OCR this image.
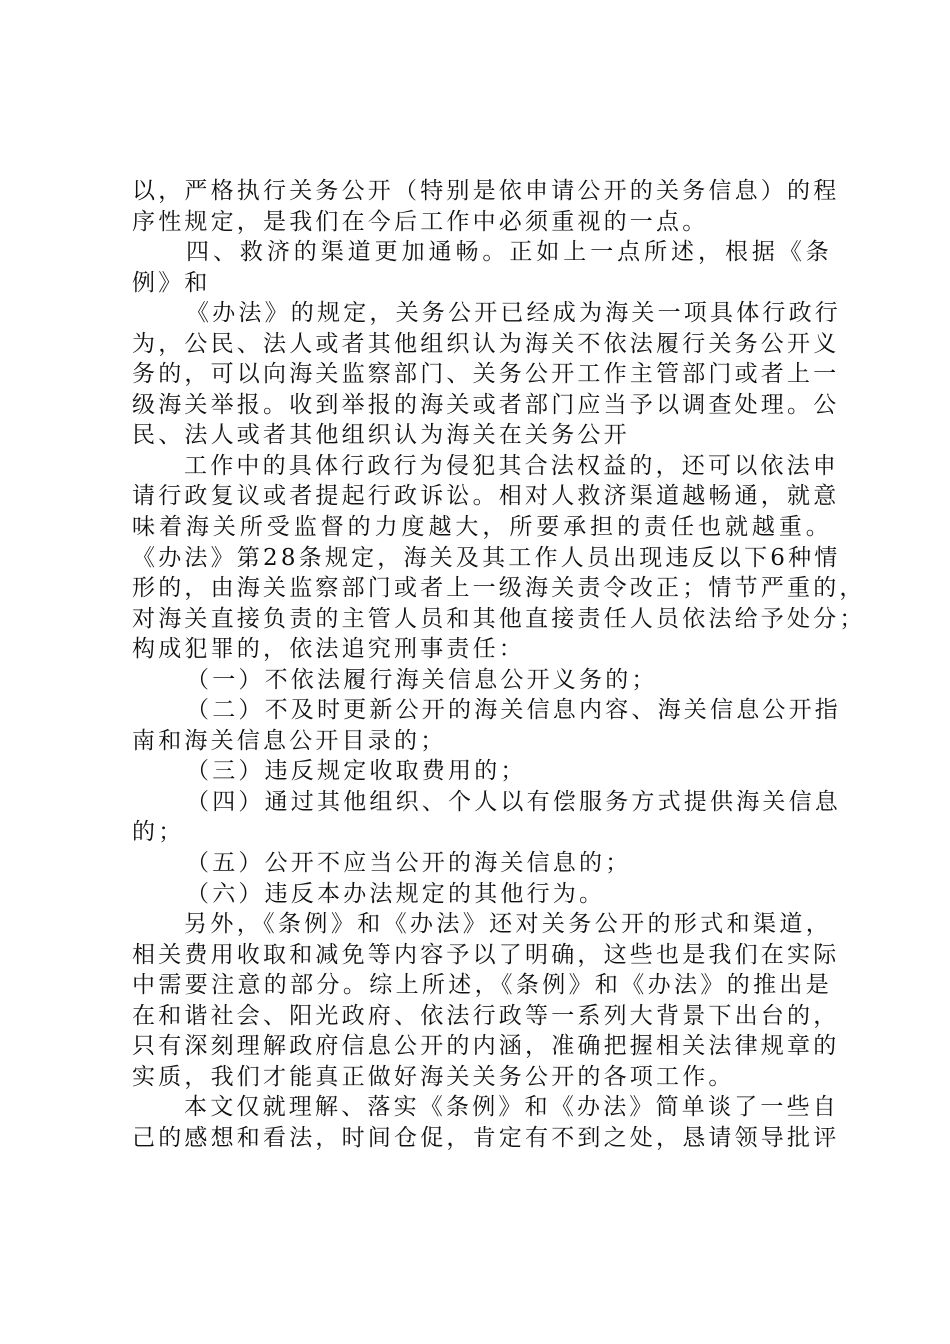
以，严格执行关务公开（特别是依申请公开的关务信息）的程
序性规定，是我们在今后工作中必须重视的一点。
四、救济的渠道更加通畅。正如上一点所述，根据《条
例》和
《办法》的规定，关务公开已经成为海关一项具体行政行
为，公民、法人或者其他组织认为海关不依法履行关务公开义
务的，可以向海关监察部门、关务公开工作主管部门或者上一
级海关举报。收到举报的海关或者部门应当予以调查处理。公
民、法人或者其他组织认为海关在关务公开
工作中的具体行政行为侵犯其合法权益的，还可以依法申
请行政复议或者提起行政诉讼。相对人救济渠道越畅通，就意
味着海关所受监督的力度越大，所要承担的责任也就越重。
《办法》第28条规定，海关及其工作人员出现违反以下6种情
形的，由海关监察部门或者上一级海关责令改正；情节严重的，
对海关直接负责的主管人员和其他直接责任人员依法给予处分；
构成犯罪的，依法追究刑事责任：
（一）不依法履行海关信息公开义务的；
（二）不及时更新公开的海关信息内容、海关信息公开指
南和海关信息公开目录的；
（三）违反规定收取费用的；
（四）通过其他组织、个人以有偿服务方式提供海关信息
的；
（五）公开不应当公开的海关信息的；
（六）违反本办法规定的其他行为。
另外，《条例》和《办法》还对关务公开的形式和渠道，
相关费用收取和减免等内容予以了明确，这些也是我们在实际
中需要注意的部分。综上所述，《条例》和《办法》的推出是
在和谐社会、阳光政府、依法行政等一系列大背景下出台的，
只有深刻理解政府信息公开的内涵，准确把握相关法律规章的
实质，我们才能真正做好海关关务公开的各项工作。
本文仅就理解、落实《条例》和《办法》简单谈了一些自
己的感想和看法，时间仓促，肯定有不到之处，恳请领导批评
